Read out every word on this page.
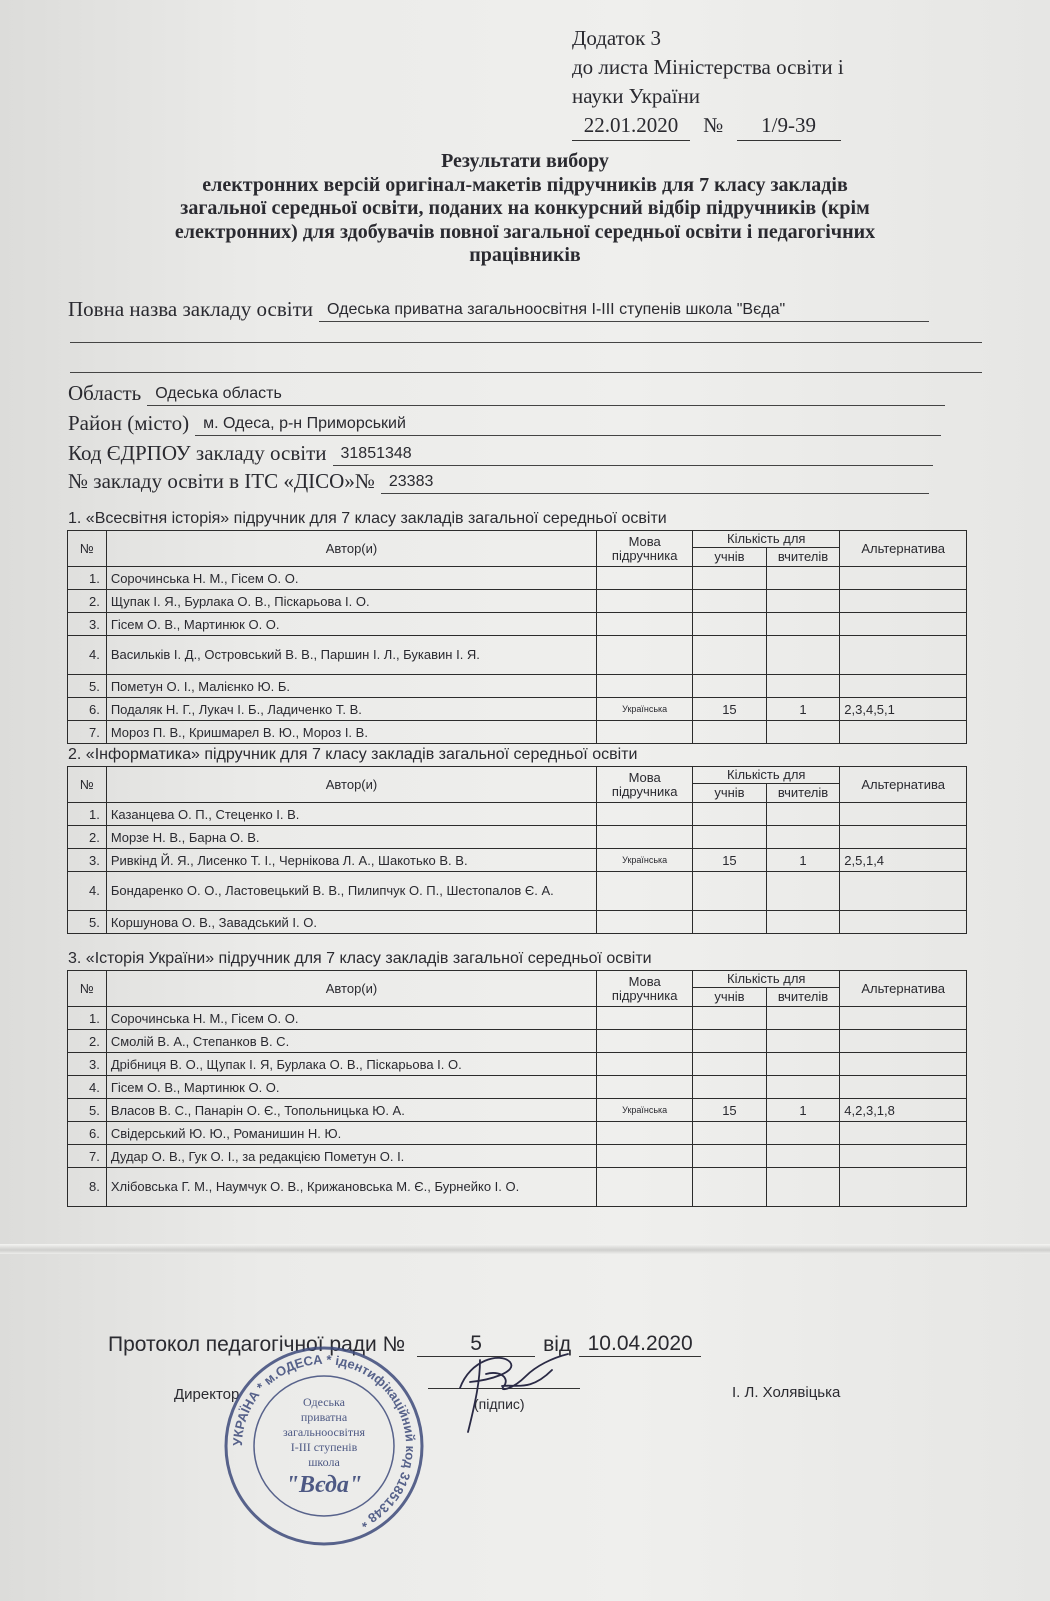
Додаток 3
до листа Міністерства освіти і
науки України
22.01.2020 № 1/9-39
Результати вибору
електронних версій оригінал-макетів підручників для 7 класу закладів
загальної середньої освіти, поданих на конкурсний відбір підручників (крім
електронних) для здобувачів повної загальної середньої освіти і педагогічних
працівників
Повна назва закладу освіти Одеська приватна загальноосвітня І-ІІІ ступенів школа "Вєда"
Область Одеська область
Район (місто) м. Одеса, р-н Приморський
Код ЄДРПОУ закладу освіти 31851348
№ закладу освіти в ІТС «ДІСО»№ 23383
1. «Всесвітня історія» підручник для 7 класу закладів загальної середньої освіти
№	Автор(и)	Мова
підручника	Кількість для		Альтернатива
			учнів	вчителів	
1.	Сорочинська Н. М., Гісем О. О.				
2.	Щупак І. Я., Бурлака О. В., Піскарьова І. О.				
3.	Гісем О. В., Мартинюк О. О.				
4.	Васильків І. Д., Островський В. В., Паршин І. Л., Букавин І. Я.				
5.	Пометун О. І., Малієнко Ю. Б.				
6.	Подаляк Н. Г., Лукач І. Б., Ладиченко Т. В.	Українська	15	1	2,3,4,5,1
7.	Мороз П. В., Кришмарел В. Ю., Мороз І. В.				
2. «Інформатика» підручник для 7 класу закладів загальної середньої освіти
№	Автор(и)	Мова
підручника	Кількість для		Альтернатива
			учнів	вчителів	
1.	Казанцева О. П., Стеценко І. В.				
2.	Морзе Н. В., Барна О. В.				
3.	Ривкінд Й. Я., Лисенко Т. І., Чернікова Л. А., Шакотько В. В.	Українська	15	1	2,5,1,4
4.	Бондаренко О. О., Ластовецький В. В., Пилипчук О. П., Шестопалов Є. А.				
5.	Коршунова О. В., Завадський І. О.				
3. «Історія України» підручник для 7 класу закладів загальної середньої освіти
№	Автор(и)	Мова
підручника	Кількість для		Альтернатива
			учнів	вчителів	
1.	Сорочинська Н. М., Гісем О. О.				
2.	Смолій В. А., Степанков В. С.				
3.	Дрібниця В. О., Щупак І. Я, Бурлака О. В., Піскарьова І. О.				
4.	Гісем О. В., Мартинюк О. О.				
5.	Власов В. С., Панарін О. Є., Топольницька Ю. А.	Українська	15	1	4,2,3,1,8
6.	Свідерський Ю. Ю., Романишин Н. Ю.				
7.	Дудар О. В., Гук О. І., за редакцією Пометун О. І.				
8.	Хлібовська Г. М., Наумчук О. В., Крижановська М. Є., Бурнейко І. О.				
Протокол педагогічної ради №	5	від 10.04.2020
Директор
(підпис)
І. Л. Холявіцька
УКРАЇНА * м.ОДЕСА * ідентифікаційний код 31851348 *
Одеська
приватна
загальноосвітня
І-ІІІ ступенів
школа
"Вєда"
